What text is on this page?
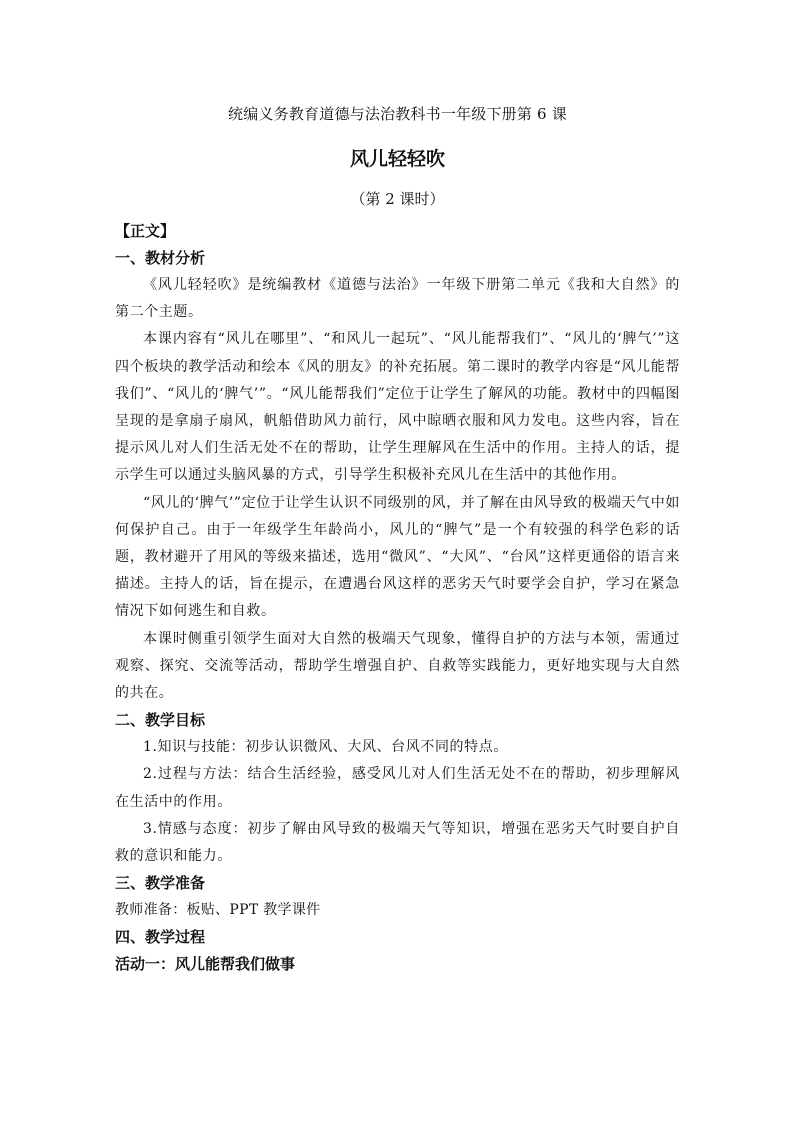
统编义务教育道德与法治教科书一年级下册第 6 课

风儿轻轻吹

（第 2 课时）

【正文】

一、教材分析

《风儿轻轻吹》是统编教材《道德与法治》一年级下册第二单元《我和大自然》的第二个主题。

本课内容有“风儿在哪里”、“和风儿一起玩”、“风儿能帮我们”、“风儿的‘脾气’”这四个板块的教学活动和绘本《风的朋友》的补充拓展。第二课时的教学内容是“风儿能帮我们”、“风儿的‘脾气’”。“风儿能帮我们”定位于让学生了解风的功能。教材中的四幅图呈现的是拿扇子扇风，帆船借助风力前行，风中晾晒衣服和风力发电。这些内容，旨在提示风儿对人们生活无处不在的帮助，让学生理解风在生活中的作用。主持人的话，提示学生可以通过头脑风暴的方式，引导学生积极补充风儿在生活中的其他作用。

“风儿的‘脾气’”定位于让学生认识不同级别的风，并了解在由风导致的极端天气中如何保护自己。由于一年级学生年龄尚小，风儿的“脾气”是一个有较强的科学色彩的话题，教材避开了用风的等级来描述，选用“微风”、“大风”、“台风”这样更通俗的语言来描述。主持人的话，旨在提示，在遭遇台风这样的恶劣天气时要学会自护，学习在紧急情况下如何逃生和自救。

本课时侧重引领学生面对大自然的极端天气现象，懂得自护的方法与本领，需通过观察、探究、交流等活动，帮助学生增强自护、自救等实践能力，更好地实现与大自然的共在。

二、教学目标

1.知识与技能：初步认识微风、大风、台风不同的特点。

2.过程与方法：结合生活经验，感受风儿对人们生活无处不在的帮助，初步理解风在生活中的作用。

3.情感与态度：初步了解由风导致的极端天气等知识，增强在恶劣天气时要自护自救的意识和能力。

三、教学准备

教师准备：板贴、PPT 教学课件

四、教学过程

活动一：风儿能帮我们做事
